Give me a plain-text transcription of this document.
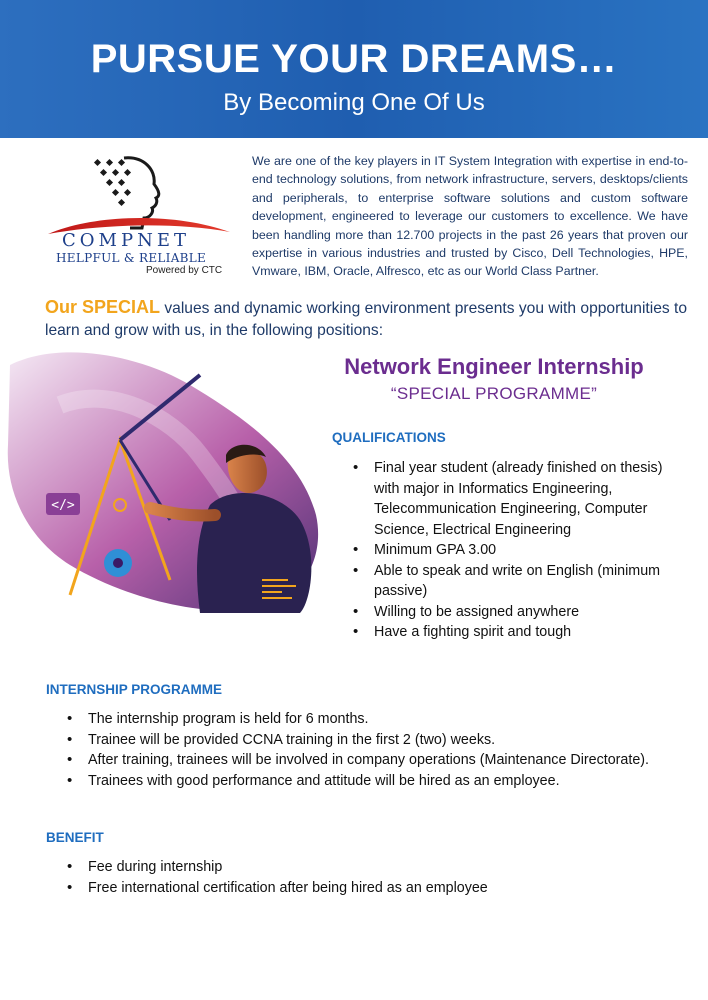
PURSUE YOUR DREAMS…
By Becoming One Of Us
COMPNET
HELPFUL & RELIABLE
Powered by CTC
We are one of the key players in IT System Integration with expertise in end-to-end technology solutions, from network infrastructure, servers, desktops/clients and peripherals, to enterprise software solutions and custom software development, engineered to leverage our customers to excellence. We have been handling more than 12.700 projects in the past 26 years that proven our expertise in various industries and trusted by Cisco, Dell Technologies, HPE, Vmware, IBM, Oracle, Alfresco, etc as our World Class Partner.
Our SPECIAL values and dynamic working environment presents you with opportunities to learn and grow with us, in the following positions:
</>
Network Engineer Internship
“SPECIAL PROGRAMME”
QUALIFICATIONS
• Final year student (already finished on thesis) with major in Informatics Engineering, Telecommunication Engineering, Computer Science, Electrical Engineering
• Minimum GPA 3.00
• Able to speak and write on English (minimum passive)
• Willing to be assigned anywhere
• Have a fighting spirit and tough
INTERNSHIP PROGRAMME
• The internship program is held for 6 months.
• Trainee will be provided CCNA training in the first 2 (two) weeks.
• After training, trainees will be involved in company operations (Maintenance Directorate).
• Trainees with good performance and attitude will be hired as an employee.
BENEFIT
• Fee during internship
• Free international certification after being hired as an employee
